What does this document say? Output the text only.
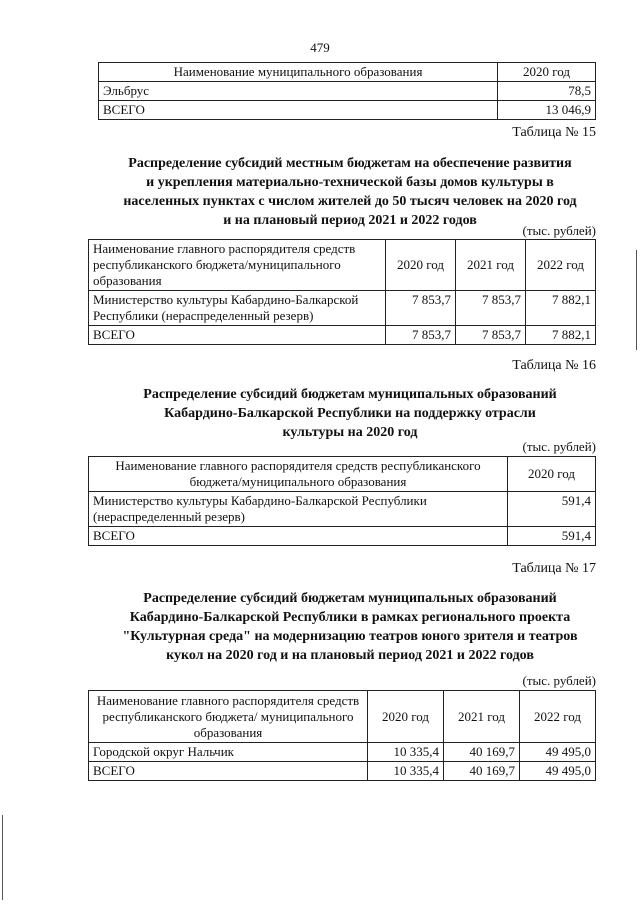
479
Наименование муниципального образования	2020 год
Эльбрус	78,5
ВСЕГО	13 046,9
Таблица № 15
Распределение субсидий местным бюджетам на обеспечение развития
и укрепления материально-технической базы домов культуры в
населенных пунктах с числом жителей до 50 тысяч человек на 2020 год
и на плановый период 2021 и 2022 годов
(тыс. рублей)
Наименование главного распорядителя средств республиканского бюджета/муниципального образования	2020 год	2021 год	2022 год
Министерство культуры Кабардино-Балкарской Республики (нераспределенный резерв)	7 853,7	7 853,7	7 882,1
ВСЕГО	7 853,7	7 853,7	7 882,1
Таблица № 16
Распределение субсидий бюджетам муниципальных образований
Кабардино-Балкарской Республики на поддержку отрасли
культуры на 2020 год
(тыс. рублей)
Наименование главного распорядителя средств республиканского бюджета/муниципального образования	2020 год
Министерство культуры Кабардино-Балкарской Республики (нераспределенный резерв)	591,4
ВСЕГО	591,4
Таблица № 17
Распределение субсидий бюджетам муниципальных образований
Кабардино-Балкарской Республики в рамках регионального проекта
"Культурная среда" на модернизацию театров юного зрителя и театров
кукол на 2020 год и на плановый период 2021 и 2022 годов
(тыс. рублей)
Наименование главного распорядителя средств республиканского бюджета/ муниципального образования	2020 год	2021 год	2022 год
Городской округ Нальчик	10 335,4	40 169,7	49 495,0
ВСЕГО	10 335,4	40 169,7	49 495,0
